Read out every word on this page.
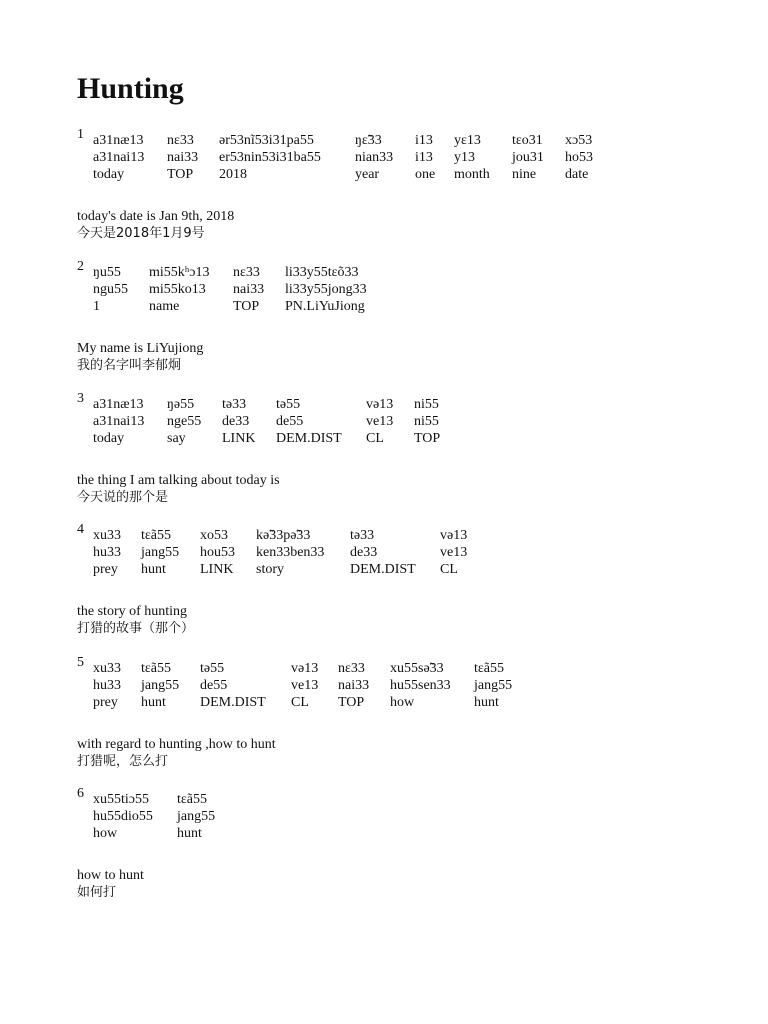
Hunting
1 a31næ13	nɛ33	ər53nĩ53i31pa55	ŋɛ̃33	i13	yɛ13	tɛo31	xɔ53
a31nai13	nai33	er53nin53i31ba55	nian33	i13	y13	jou31	ho53
today	TOP	2018	year	one	month	nine	date
today's date is Jan 9th, 2018
今天是2018年1月9号
2 ŋu55	mi55kʰɔ13	nɛ33	li33y55tɛõ33
ngu55	mi55ko13	nai33	li33y55jong33
1	name	TOP	PN.LiYuJiong
My name is LiYujiong
我的名字叫李郁炯
3 a31næ13	ŋə55	tə33	tə55	və13	ni55
a31nai13	nge55	de33	de55	ve13	ni55
today	say	LINK	DEM.DIST	CL	TOP
the thing I am talking about today is
今天说的那个是
4 xu33	tɛã55	xo53	kə̃33pə̃33	tə33	və13
hu33	jang55	hou53	ken33ben33	de33	ve13
prey	hunt	LINK	story	DEM.DIST	CL
the story of hunting
打猎的故事（那个）
5 xu33	tɛã55	tə55	və13	nɛ33	xu55sə̃33	tɛã55
hu33	jang55	de55	ve13	nai33	hu55sen33	jang55
prey	hunt	DEM.DIST	CL	TOP	how	hunt
with regard to hunting ,how to hunt
打猎呢，怎么打
6 xu55tiɔ55	tɛã55
hu55dio55	jang55
how	hunt
how to hunt
如何打
